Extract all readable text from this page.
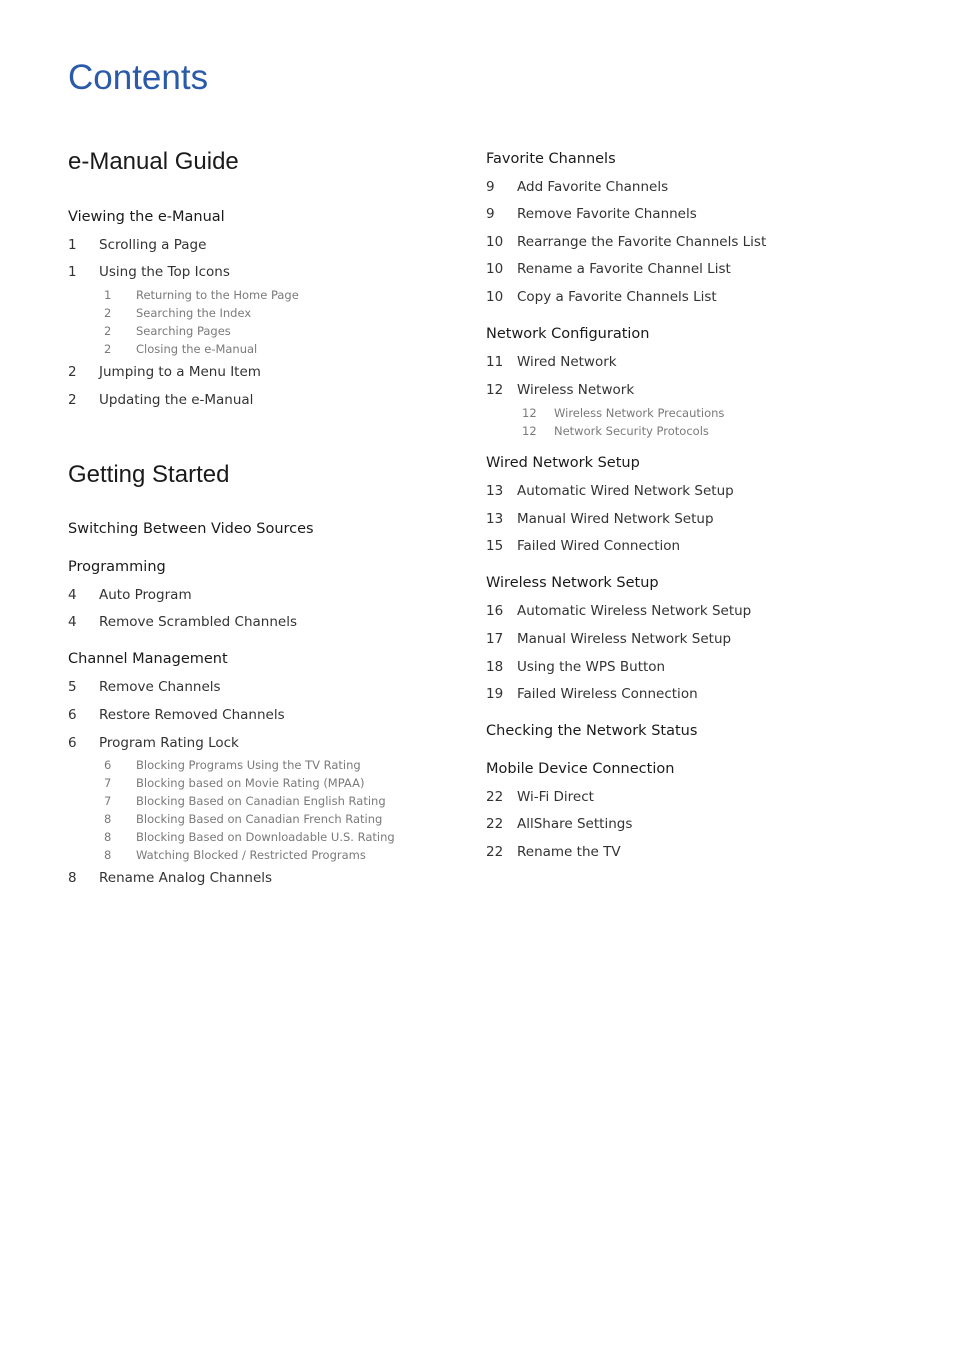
Contents
e-Manual Guide
Viewing the e-Manual
1 Scrolling a Page
1 Using the Top Icons
1 Returning to the Home Page
2 Searching the Index
2 Searching Pages
2 Closing the e-Manual
2 Jumping to a Menu Item
2 Updating the e-Manual
Getting Started
Switching Between Video Sources
Programming
4 Auto Program
4 Remove Scrambled Channels
Channel Management
5 Remove Channels
6 Restore Removed Channels
6 Program Rating Lock
6 Blocking Programs Using the TV Rating
7 Blocking based on Movie Rating (MPAA)
7 Blocking Based on Canadian English Rating
8 Blocking Based on Canadian French Rating
8 Blocking Based on Downloadable U.S. Rating
8 Watching Blocked / Restricted Programs
8 Rename Analog Channels
Favorite Channels
9 Add Favorite Channels
9 Remove Favorite Channels
10 Rearrange the Favorite Channels List
10 Rename a Favorite Channel List
10 Copy a Favorite Channels List
Network Configuration
11 Wired Network
12 Wireless Network
12 Wireless Network Precautions
12 Network Security Protocols
Wired Network Setup
13 Automatic Wired Network Setup
13 Manual Wired Network Setup
15 Failed Wired Connection
Wireless Network Setup
16 Automatic Wireless Network Setup
17 Manual Wireless Network Setup
18 Using the WPS Button
19 Failed Wireless Connection
Checking the Network Status
Mobile Device Connection
22 Wi-Fi Direct
22 AllShare Settings
22 Rename the TV
